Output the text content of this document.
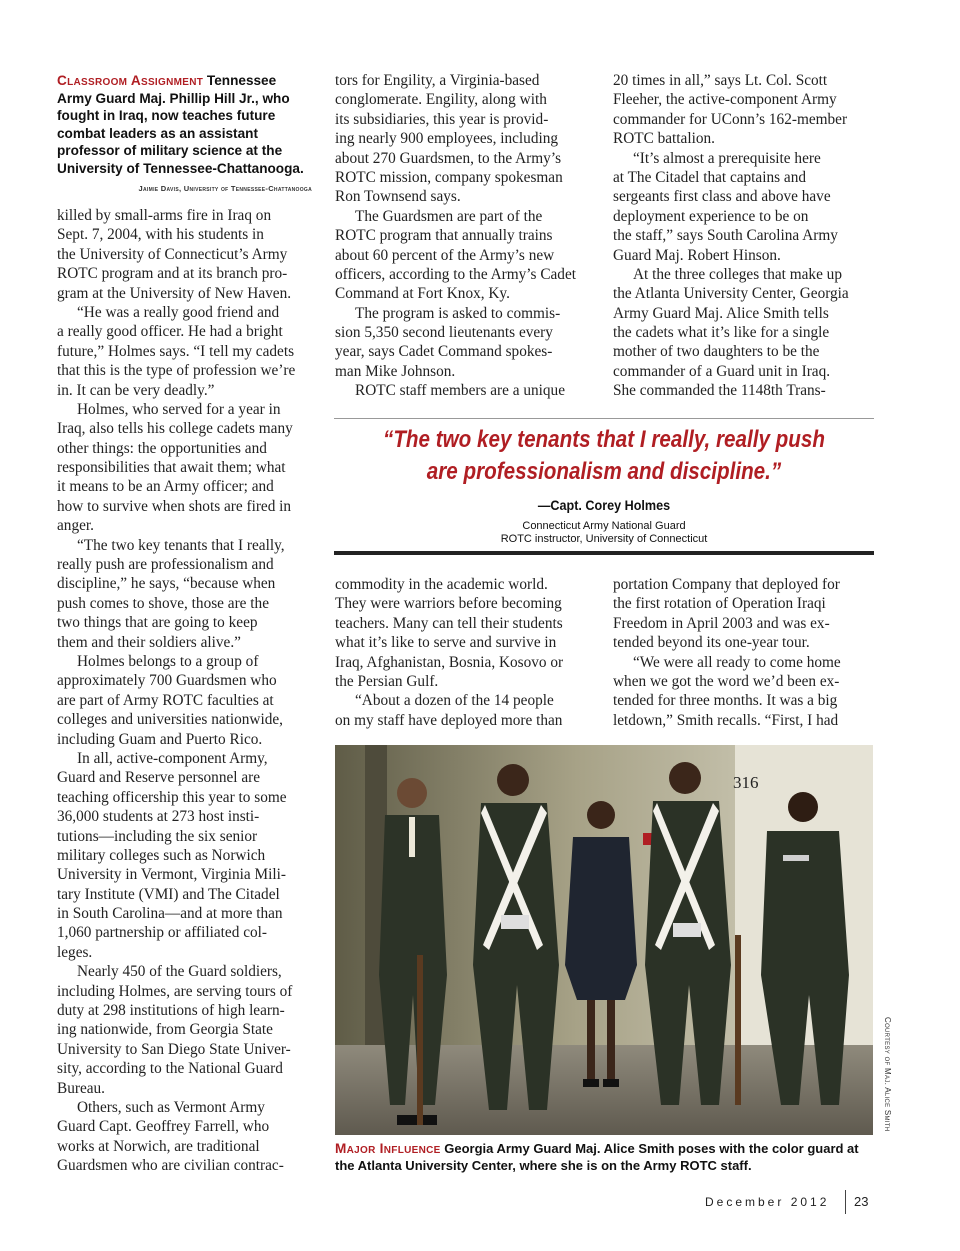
Classroom Assignment Tennessee Army Guard Maj. Phillip Hill Jr., who fought in Iraq, now teaches future combat leaders as an assistant professor of military science at the University of Tennessee-Chattanooga.
Jaimie Davis, University of Tennessee-Chattanooga
killed by small-arms fire in Iraq on
Sept. 7, 2004, with his students in
the University of Connecticut’s Army
ROTC program and at its branch pro-
gram at the University of New Haven.
“He was a really good friend and
a really good officer. He had a bright
future,” Holmes says. “I tell my cadets
that this is the type of profession we’re
in. It can be very deadly.”
Holmes, who served for a year in
Iraq, also tells his college cadets many
other things: the opportunities and
responsibilities that await them; what
it means to be an Army officer; and
how to survive when shots are fired in
anger.
“The two key tenants that I really,
really push are professionalism and
discipline,” he says, “because when
push comes to shove, those are the
two things that are going to keep
them and their soldiers alive.”
Holmes belongs to a group of
approximately 700 Guardsmen who
are part of Army ROTC faculties at
colleges and universities nationwide,
including Guam and Puerto Rico.
In all, active-component Army,
Guard and Reserve personnel are
teaching officership this year to some
36,000 students at 273 host insti-
tutions—including the six senior
military colleges such as Norwich
University in Vermont, Virginia Mili-
tary Institute (VMI) and The Citadel
in South Carolina—and at more than
1,060 partnership or affiliated col-
leges.
Nearly 450 of the Guard soldiers,
including Holmes, are serving tours of
duty at 298 institutions of high learn-
ing nationwide, from Georgia State
University to San Diego State Univer-
sity, according to the National Guard
Bureau.
Others, such as Vermont Army
Guard Capt. Geoffrey Farrell, who
works at Norwich, are traditional
Guardsmen who are civilian contrac-
tors for Engility, a Virginia-based
conglomerate. Engility, along with
its subsidiaries, this year is provid-
ing nearly 900 employees, including
about 270 Guardsmen, to the Army’s
ROTC mission, company spokesman
Ron Townsend says.
The Guardsmen are part of the
ROTC program that annually trains
about 60 percent of the Army’s new
officers, according to the Army’s Cadet
Command at Fort Knox, Ky.
The program is asked to commis-
sion 5,350 second lieutenants every
year, says Cadet Command spokes-
man Mike Johnson.
ROTC staff members are a unique
20 times in all,” says Lt. Col. Scott
Fleeher, the active-component Army
commander for UConn’s 162-member
ROTC battalion.
“It’s almost a prerequisite here
at The Citadel that captains and
sergeants first class and above have
deployment experience to be on
the staff,” says South Carolina Army
Guard Maj. Robert Hinson.
At the three colleges that make up
the Atlanta University Center, Georgia
Army Guard Maj. Alice Smith tells
the cadets what it’s like for a single
mother of two daughters to be the
commander of a Guard unit in Iraq.
She commanded the 1148th Trans-
“The two key tenants that I really, really push
are professionalism and discipline.”
—Capt. Corey Holmes
Connecticut Army National Guard
ROTC instructor, University of Connecticut
commodity in the academic world.
They were warriors before becoming
teachers. Many can tell their students
what it’s like to serve and survive in
Iraq, Afghanistan, Bosnia, Kosovo or
the Persian Gulf.
“About a dozen of the 14 people
on my staff have deployed more than
portation Company that deployed for
the first rotation of Operation Iraqi
Freedom in April 2003 and was ex-
tended beyond its one-year tour.
“We were all ready to come home
when we got the word we’d been ex-
tended for three months. It was a big
letdown,” Smith recalls. “First, I had
316
Courtesy of Maj. Alice Smith
Major Influence Georgia Army Guard Maj. Alice Smith poses with the color guard at the Atlanta University Center, where she is on the Army ROTC staff.
December 2012 23
